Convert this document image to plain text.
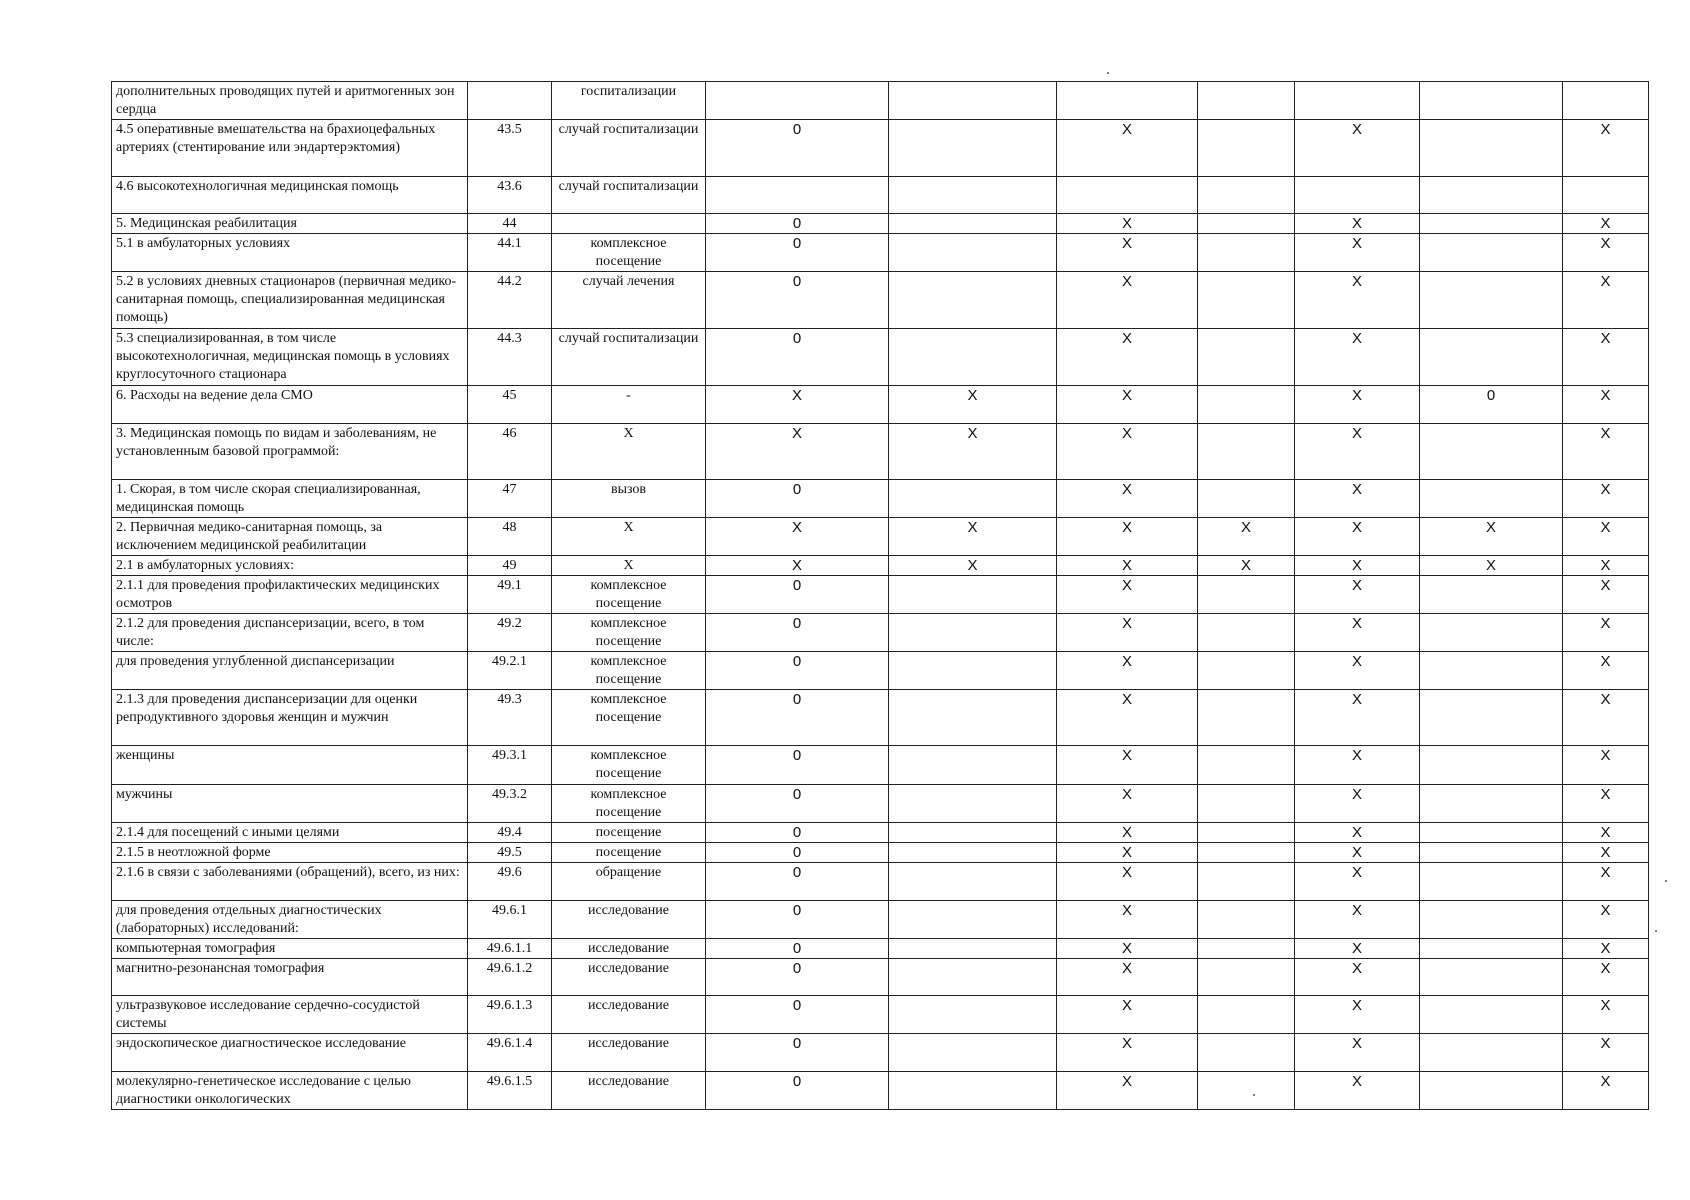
дополнительных проводящих путей и аритмогенных зон сердца		госпитализации							
4.5 оперативные вмешательства на брахиоцефальных артериях (стентирование или эндартерэктомия)	43.5	случай госпитализации	0		X		X		X
4.6 высокотехнологичная медицинская помощь	43.6	случай госпитализации							
5. Медицинская реабилитация	44		0		X		X		X
5.1 в амбулаторных условиях	44.1	комплексное посещение	0		X		X		X
5.2 в условиях дневных стационаров (первичная медико-санитарная помощь, специализированная медицинская помощь)	44.2	случай лечения	0		X		X		X
5.3 специализированная, в том числе высокотехнологичная, медицинская помощь в условиях круглосуточного стационара	44.3	случай госпитализации	0		X		X		X
6. Расходы на ведение дела СМО	45	-	X	X	X		X	0	X
3. Медицинская помощь по видам и заболеваниям, не установленным базовой программой:	46	X	X	X	X		X		X
1. Скорая, в том числе скорая специализированная, медицинская помощь	47	вызов	0		X		X		X
2. Первичная медико-санитарная помощь, за исключением медицинской реабилитации	48	X	X	X	X	X	X	X	X
2.1 в амбулаторных условиях:	49	X	X	X	X	X	X	X	X
2.1.1 для проведения профилактических медицинских осмотров	49.1	комплексное посещение	0		X		X		X
2.1.2 для проведения диспансеризации, всего, в том числе:	49.2	комплексное посещение	0		X		X		X
для проведения углубленной диспансеризации	49.2.1	комплексное посещение	0		X		X		X
2.1.3 для проведения диспансеризации для оценки репродуктивного здоровья женщин и мужчин	49.3	комплексное посещение	0		X		X		X
женщины	49.3.1	комплексное посещение	0		X		X		X
мужчины	49.3.2	комплексное посещение	0		X		X		X
2.1.4 для посещений с иными целями	49.4	посещение	0		X		X		X
2.1.5 в неотложной форме	49.5	посещение	0		X		X		X
2.1.6 в связи с заболеваниями (обращений), всего, из них:	49.6	обращение	0		X		X		X
для проведения отдельных диагностических (лабораторных) исследований:	49.6.1	исследование	0		X		X		X
компьютерная томография	49.6.1.1	исследование	0		X		X		X
магнитно-резонансная томография	49.6.1.2	исследование	0		X		X		X
ультразвуковое исследование сердечно-сосудистой системы	49.6.1.3	исследование	0		X		X		X
эндоскопическое диагностическое исследование	49.6.1.4	исследование	0		X		X		X
молекулярно-генетическое исследование с целью диагностики онкологических	49.6.1.5	исследование	0		X		X		X
